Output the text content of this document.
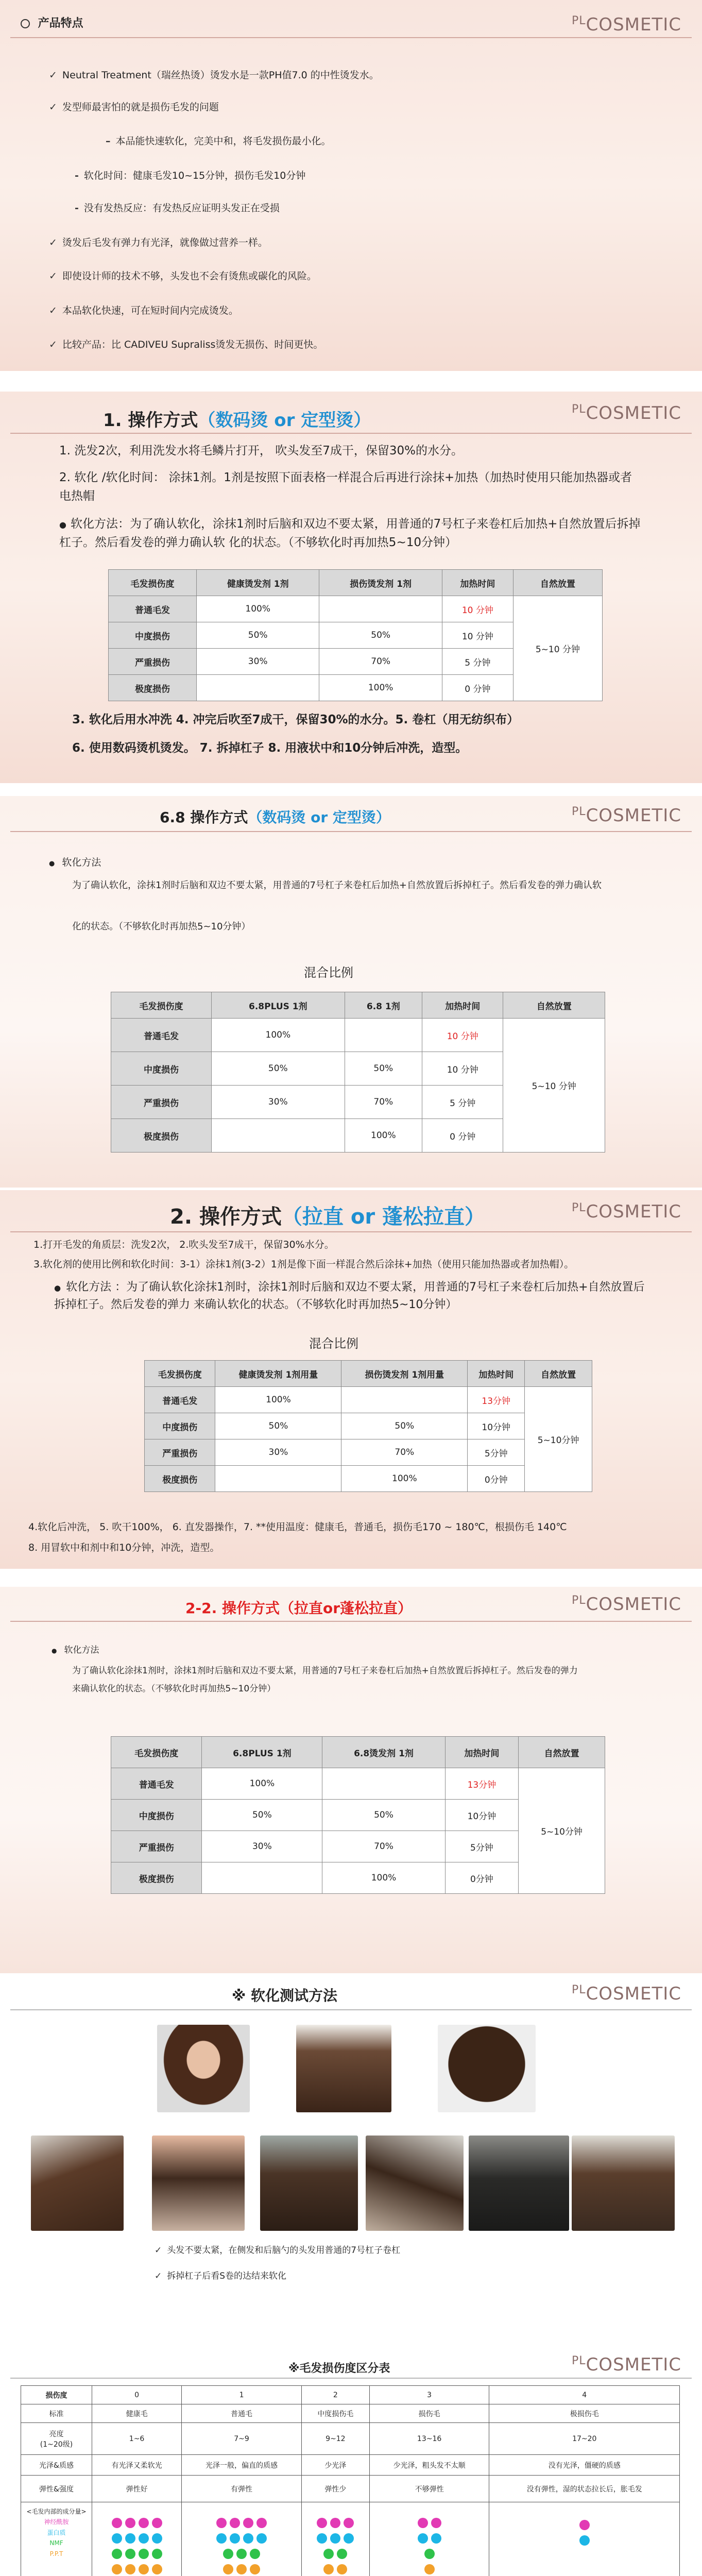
产品特点	$^{PL}$COSMETIC
✓ Neutral Treatment（瑞丝热烫）烫发水是一款PH值7.0 的中性烫发水。
✓ 发型师最害怕的就是损伤毛发的问题
– 本品能快速软化，完美中和，将毛发损伤最小化。
- 软化时间：健康毛发10~15分钟，损伤毛发10分钟
- 没有发热反应：有发热反应证明头发正在受损
✓ 烫发后毛发有弹力有光泽，就像做过营养一样。
✓ 即使设计师的技术不够，头发也不会有烫焦或碳化的风险。
✓ 本品软化快速，可在短时间内完成烫发。
✓ 比较产品：比 CADIVEU Supraliss烫发无损伤、时间更快。
1. 操作方式（数码烫 or 定型烫）
$^{PL}$COSMETIC
1. 洗发2次，利用洗发水将毛鳞片打开， 吹头发至7成干，保留30%的水分。
2. 软化 /软化时间： 涂抹1剂。1剂是按照下面表格一样混合后再进行涂抹+加热（加热时使用只能加热器或者电热帽
● 软化方法：为了确认软化，涂抹1剂时后脑和双边不要太紧，用普通的7号杠子来卷杠后加热+自然放置后拆掉杠子。然后看发卷的弹力确认软 化的状态。（不够软化时再加热5~10分钟）
毛发损伤度	健康烫发剂 1剂	损伤烫发剂 1剂	加热时间	自然放置
普通毛发	100%		10 分钟	5~10 分钟
中度损伤	50%	50%	10 分钟	
严重损伤	30%	70%	5 分钟	
极度损伤		100%	0 分钟	
3. 软化后用水冲洗 4. 冲完后吹至7成干，保留30%的水分。5. 卷杠（用无纺织布）
6. 使用数码烫机烫发。 7. 拆掉杠子 8. 用液状中和10分钟后冲洗，造型。
6.8 操作方式（数码烫 or 定型烫）	$^{PL}$COSMETIC
● 软化方法
为了确认软化，涂抹1剂时后脑和双边不要太紧，用普通的7号杠子来卷杠后加热+自然放置后拆掉杠子。然后看发卷的弹力确认软
化的状态。（不够软化时再加热5~10分钟）
混合比例
毛发损伤度	6.8PLUS 1剂	6.8 1剂	加热时间	自然放置
普通毛发	100%		10 分钟	5~10 分钟
中度损伤	50%	50%	10 分钟	
严重损伤	30%	70%	5 分钟	
极度损伤		100%	0 分钟	
2. 操作方式（拉直 or 蓬松拉直）	$^{PL}$COSMETIC
1.打开毛发的角质层：洗发2次， 2.吹头发至7成干，保留30%水分。
3.软化剂的使用比例和软化时间：3-1）涂抹1剂(3-2）1剂是像下面一样混合然后涂抹+加热（使用只能加热器或者加热帽）。
● 软化方法 ：为了确认软化涂抹1剂时，涂抹1剂时后脑和双边不要太紧，用普通的7号杠子来卷杠后加热+自然放置后拆掉杠子。然后发卷的弹力 来确认软化的状态。（不够软化时再加热5~10分钟）
混合比例
毛发损伤度	健康烫发剂 1剂用量	损伤烫发剂 1剂用量	加热时间	自然放置
普通毛发	100%		13分钟	5~10分钟
中度损伤	50%	50%	10分钟	
严重损伤	30%	70%	5分钟	
极度损伤		100%	0分钟	
4.软化后冲洗， 5. 吹干100%， 6. 直发器操作，7. **使用温度：健康毛，普通毛，损伤毛170 ~ 180℃，根损伤毛 140℃
8. 用冒软中和剂中和10分钟，冲洗，造型。
2-2. 操作方式（拉直or蓬松拉直）	$^{PL}$COSMETIC
● 软化方法
为了确认软化涂抹1剂时，涂抹1剂时后脑和双边不要太紧，用普通的7号杠子来卷杠后加热+自然放置后拆掉杠子。然后发卷的弹力
来确认软化的状态。（不够软化时再加热5~10分钟）
毛发损伤度	6.8PLUS 1剂	6.8烫发剂 1剂	加热时间	自然放置
普通毛发	100%		13分钟	5~10分钟
中度损伤	50%	50%	10分钟	
严重损伤	30%	70%	5分钟	
极度损伤		100%	0分钟	
※ 软化测试方法	$^{PL}$COSMETIC
✓ 头发不要太紧，在侧发和后脑勺的头发用普通的7号杠子卷杠
✓ 拆掉杠子后看S卷的达结来软化
※毛发损伤度区分表
$^{PL}$COSMETIC
损伤度	0	1	2	3	4
标准	健康毛	普通毛	中度损伤毛	损伤毛	极损伤毛
亮度
(1~20级)	1~6	7~9	9~12	13~16	17~20
光泽&质感	有光泽又柔软光	光泽一般，偏直的质感	少光泽	少光泽，粗头发不太顺	没有光泽，僵硬的质感
弹性&强度	弹性好	有弹性	弹性少	不够弹性	没有弹性，湿的状态拉长后，胀毛发

<毛发内部的成分量>
神经酰胺
蛋白质
NMF
P.P.T					
